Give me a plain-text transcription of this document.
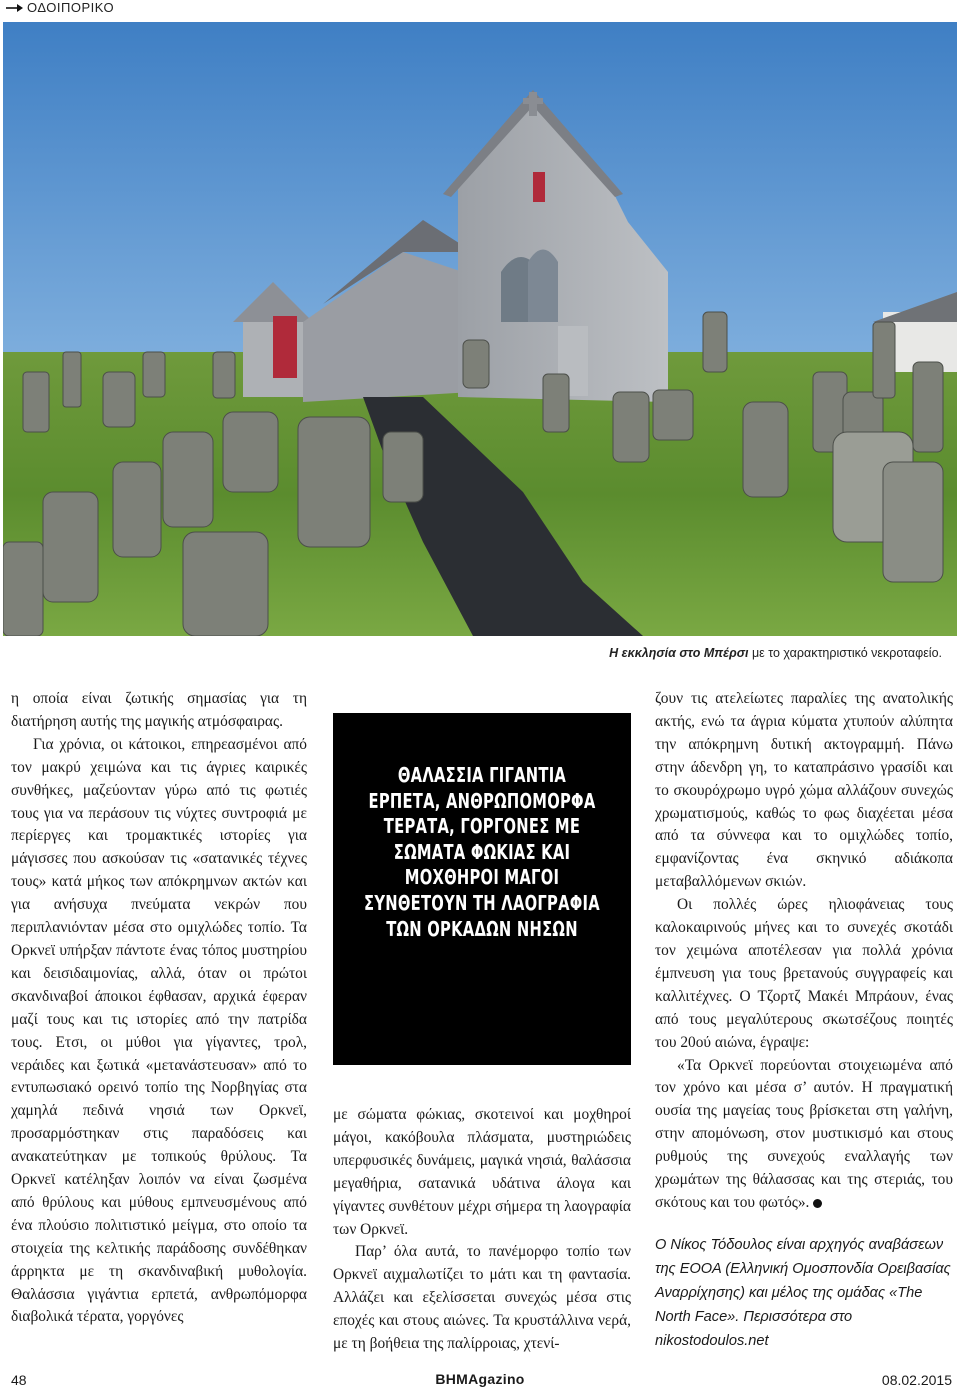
ΟΔΟΙΠΟΡΙΚΟ
Η εκκλησία στο Μπέρσι με το χαρακτηριστικό νεκροταφείο.

η οποία είναι ζωτικής σημασίας για τη διατήρηση αυτής της μαγικής ατμόσφαιρας.

Για χρόνια, οι κάτοικοι, επηρεασμένοι από τον μακρύ χειμώνα και τις άγριες καιρικές συνθήκες, μαζεύονταν γύρω από τις φωτιές τους για να περάσουν τις νύχτες συντροφιά με περίεργες και τρομακτικές ιστορίες για μάγισσες που ασκούσαν τις «σατανικές τέχνες τους» κατά μήκος των απόκρημνων ακτών και για ανήσυχα πνεύματα νεκρών που περιπλανιόνταν μέσα στο ομιχλώδες τοπίο. Τα Ορκνεϊ υπήρξαν πάντοτε ένας τόπος μυστηρίου και δεισιδαιμονίας, αλλά, όταν οι πρώτοι σκανδιναβοί άποικοι έφθασαν, αρχικά έφεραν μαζί τους και τις ιστορίες από την πατρίδα τους. Ετσι, οι μύθοι για γίγαντες, τρολ, νεράιδες και ξωτικά «μετανάστευσαν» από το εντυπωσιακό ορεινό τοπίο της Νορβηγίας στα χαμηλά πεδινά νησιά των Ορκνεϊ, προσαρμόστηκαν στις παραδόσεις και ανακατεύτηκαν με τοπικούς θρύλους. Τα Ορκνεϊ κατέληξαν λοιπόν να είναι ζωσμένα από θρύλους και μύθους εμπνευσμένους από ένα πλούσιο πολιτιστικό μείγμα, στο οποίο τα στοιχεία της κελτικής παράδοσης συνδέθηκαν άρρηκτα με τη σκανδιναβική μυθολογία. Θαλάσσια γιγάντια ερπετά, ανθρωπόμορφα διαβολικά τέρατα, γοργόνες

ΘΑΛΑΣΣΙΑ ΓΙΓΑΝΤΙΑ ΕΡΠΕΤΑ, ΑΝΘΡΩΠΟΜΟΡΦΑ ΤΕΡΑΤΑ, ΓΟΡΓΟΝΕΣ ΜΕ ΣΩΜΑΤΑ ΦΩΚΙΑΣ ΚΑΙ ΜΟΧΘΗΡΟΙ ΜΑΓΟΙ ΣΥΝΘΕΤΟΥΝ ΤΗ ΛΑΟΓΡΑΦΙΑ ΤΩΝ ΟΡΚΑΔΩΝ ΝΗΣΩΝ

με σώματα φώκιας, σκοτεινοί και μοχθηροί μάγοι, κακόβουλα πλάσματα, μυστηριώδεις υπερφυσικές δυνάμεις, μαγικά νησιά, θαλάσσια μεγαθήρια, σατανικά υδάτινα άλογα και γίγαντες συνθέτουν μέχρι σήμερα τη λαογραφία των Ορκνεϊ.

Παρ’ όλα αυτά, το πανέμορφο τοπίο των Ορκνεϊ αιχμαλωτίζει το μάτι και τη φαντασία. Αλλάζει και εξελίσσεται συνεχώς μέσα στις εποχές και στους αιώνες. Τα κρυστάλλινα νερά, με τη βοήθεια της παλίρροιας, χτενί-

ζουν τις ατελείωτες παραλίες της ανατολικής ακτής, ενώ τα άγρια κύματα χτυπούν αλύπητα την απόκρημνη δυτική ακτογραμμή. Πάνω στην άδενδρη γη, το καταπράσινο γρασίδι και το σκουρόχρωμο υγρό χώμα αλλάζουν συνεχώς χρωματισμούς, καθώς το φως διαχέεται μέσα από τα σύννεφα και το ομιχλώδες τοπίο, εμφανίζοντας ένα σκηνικό αδιάκοπα μεταβαλλόμενων σκιών.

Οι πολλές ώρες ηλιοφάνειας τους καλοκαιρινούς μήνες και το συνεχές σκοτάδι τον χειμώνα αποτέλεσαν για πολλά χρόνια έμπνευση για τους βρετανούς συγγραφείς και καλλιτέχνες. Ο Τζορτζ Μακέι Μπράουν, ένας από τους μεγαλύτερους σκωτσέζους ποιητές του 20ού αιώνα, έγραψε:

«Τα Ορκνεϊ πορεύονται στοιχειωμένα από τον χρόνο και μέσα σ’ αυτόν. Η πραγματική ουσία της μαγείας τους βρίσκεται στη γαλήνη, στην απομόνωση, στον μυστικισμό και στους ρυθμούς της συνεχούς εναλλαγής των χρωμάτων της θάλασσας και της στεριάς, του σκότους και του φωτός».

Ο Νίκος Τόδουλος είναι αρχηγός αναβάσεων της ΕΟΟΑ (Ελληνική Ομοσπονδία Ορειβασίας Αναρρίχησης) και μέλος της ομάδας «The North Face». Περισσότερα στο nikostodoulos.net
48	ΒΗΜΑgazino	08.02.2015
